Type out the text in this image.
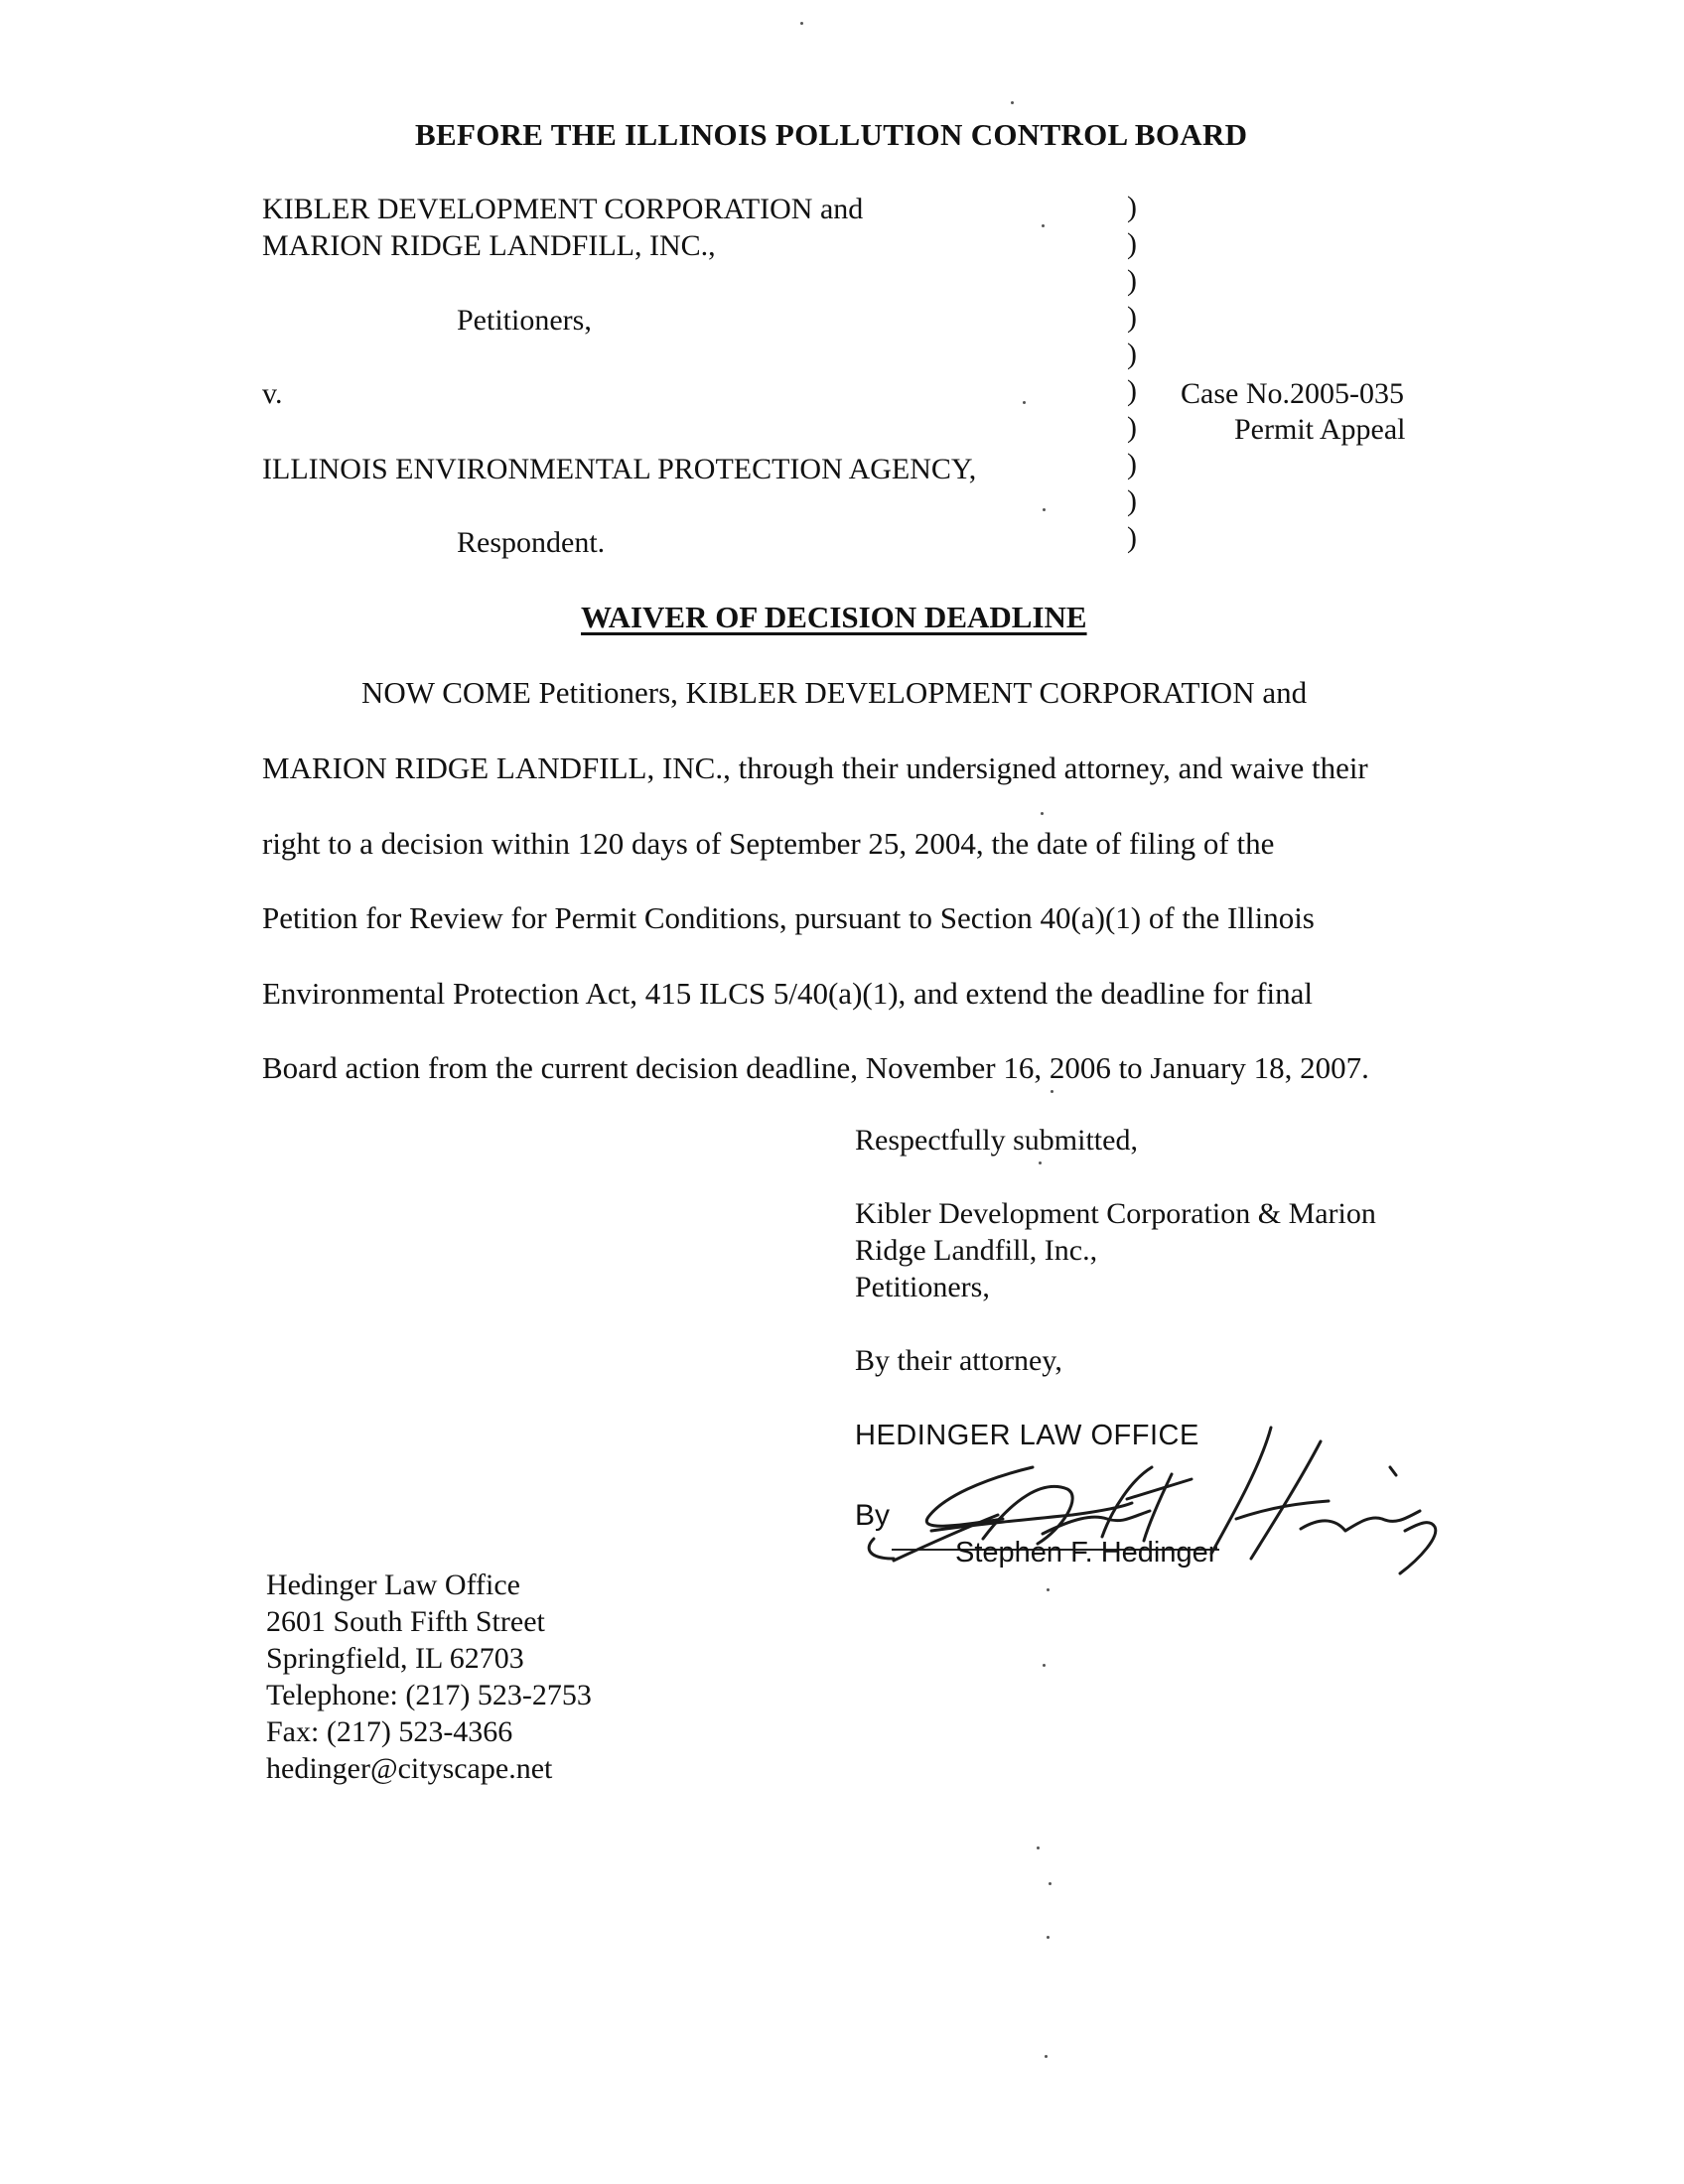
BEFORE THE ILLINOIS POLLUTION CONTROL BOARD
KIBLER DEVELOPMENT CORPORATION and
MARION RIDGE LANDFILL, INC.,
Petitioners,
v.
ILLINOIS ENVIRONMENTAL PROTECTION AGENCY,
Respondent.
)
)
)
)
)
)
)
)
)
)
Case No.2005-035
Permit Appeal
WAIVER OF DECISION DEADLINE
NOW COME Petitioners, KIBLER DEVELOPMENT CORPORATION and
MARION RIDGE LANDFILL, INC., through their undersigned attorney, and waive their
right to a decision within 120 days of September 25, 2004, the date of filing of the
Petition for Review for Permit Conditions, pursuant to Section 40(a)(1) of the Illinois
Environmental Protection Act, 415 ILCS 5/40(a)(1), and extend the deadline for final
Board action from the current decision deadline, November 16, 2006 to January 18, 2007.
Respectfully submitted,
Kibler Development Corporation & Marion
Ridge Landfill, Inc.,
Petitioners,
By their attorney,
HEDINGER LAW OFFICE
By
Stephen F. Hedinger
Hedinger Law Office
2601 South Fifth Street
Springfield, IL 62703
Telephone: (217) 523-2753
Fax: (217) 523-4366
hedinger@cityscape.net
